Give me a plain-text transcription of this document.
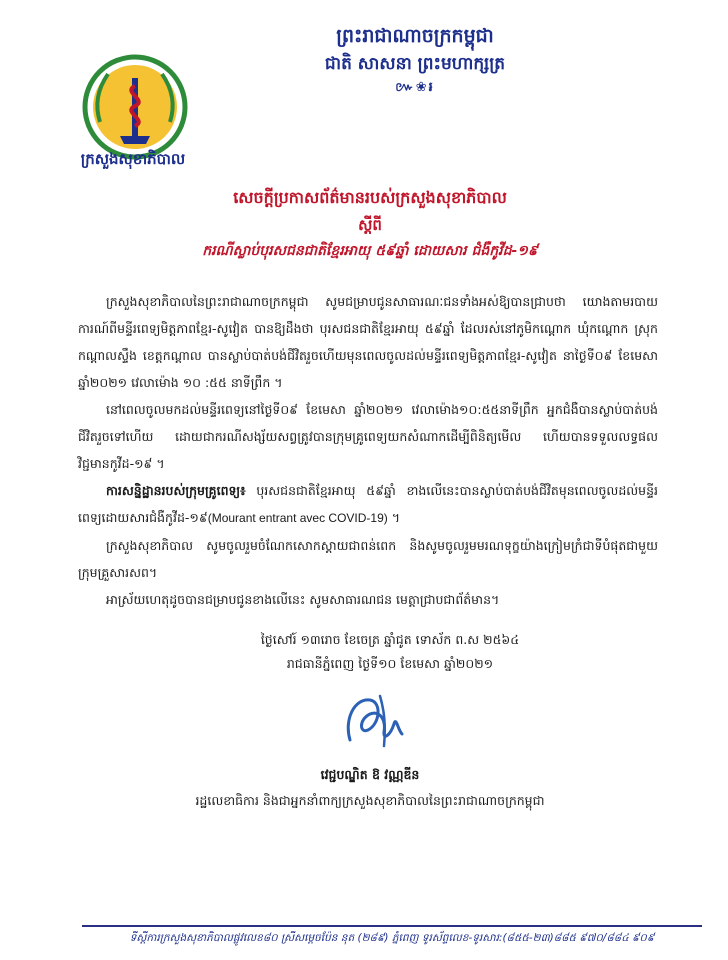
ក្រសួងសុខាភិបាល
ព្រះរាជាណាចក្រកម្ពុជា
ជាតិ សាសនា ព្រះមហាក្សត្រ
៚❀៛
សេចក្តីប្រកាសព័ត៌មានរបស់ក្រសួងសុខាភិបាល
ស្តីពី
ករណីស្លាប់បុរសជនជាតិខ្មែរអាយុ ៥៩ឆ្នាំ ដោយសារ ជំងឺកូវីដ-១៩

ក្រសួងសុខាភិបាលនៃព្រះរាជាណាចក្រកម្ពុជា សូមជម្រាបជូនសាធារណៈជនទាំងអស់ឱ្យបានជ្រាបថា យោងតាមរបាយការណ៍ពីមន្ទីរពេទ្យមិត្តភាពខ្មែរ-សូវៀត បានឱ្យដឹងថា បុរសជនជាតិខ្មែរអាយុ ៥៩ឆ្នាំ ដែលរស់នៅភូមិកណ្តោក ឃុំកណ្តោក ស្រុកកណ្តាលស្ទឹង ខេត្តកណ្តាល បានស្លាប់បាត់បង់ជីវិតរួចហើយមុនពេលចូលដល់មន្ទីរពេទ្យមិត្តភាពខ្មែរ-សូវៀត នាថ្ងៃទី០៩ ខែមេសា ឆ្នាំ២០២១ វេលាម៉ោង ១០ :៥៥ នាទីព្រឹក ។

នៅពេលចូលមកដល់មន្ទីរពេទ្យនៅថ្ងៃទី០៩ ខែមេសា ឆ្នាំ២០២១ វេលាម៉ោង១០:៥៥នាទីព្រឹក អ្នកជំងឺបានស្លាប់បាត់បង់ជីវិតរួចទៅហើយ ដោយជាករណីសង្ស័យសព្វត្រូវបានក្រុមគ្រូពេទ្យយកសំណាកដើម្បីពិនិត្យមើល ហើយបានទទួលលទ្ធផល វិជ្ជមានកូវីដ-១៩ ។

ការសន្និដ្ឋានរបស់ក្រុមគ្រូពេទ្យ៖ បុរសជនជាតិខ្មែរអាយុ ៥៩ឆ្នាំ ខាងលើនេះបានស្លាប់បាត់បង់ជីវិតមុនពេលចូលដល់មន្ទីរពេទ្យដោយសារជំងឺកូវីដ-១៩(Mourant entrant avec COVID-19) ។

ក្រសួងសុខាភិបាល សូមចូលរួមចំណែកសោកស្តាយជាពន់ពេក និងសូមចូលរួមមរណទុក្ខយ៉ាងក្រៀមក្រំជាទីបំផុតជាមួយក្រុមគ្រួសារសព។

អាស្រ័យហេតុដូចបានជម្រាបជូនខាងលើនេះ សូមសាធារណជន មេត្តាជ្រាបជាព័ត៌មាន។

ថ្ងៃសៅរ៍ ១៣រោច ខែចេត្រ ឆ្នាំជូត ទោស័ក ព.ស ២៥៦៤
រាជធានីភ្នំពេញ ថ្ងៃទី១០ ខែមេសា ឆ្នាំ២០២១
វេជ្ជបណ្ឌិត ឱ វណ្ណឌីន
រដ្ឋលេខាធិការ និងជាអ្នកនាំពាក្យក្រសួងសុខាភិបាលនៃព្រះរាជាណាចក្រកម្ពុជា
ទីស្តីការក្រសួងសុខាភិបាលផ្លូវលេខ៨០ ស្រីសម្តេចប៉ែន នុត (២៨៩) ភ្នំពេញ ទូរស័ព្ទលេខ-ទូរសារ:(៨៥៥-២៣)៨៨៥ ៩៧០/៨៨៤ ៩០៩
